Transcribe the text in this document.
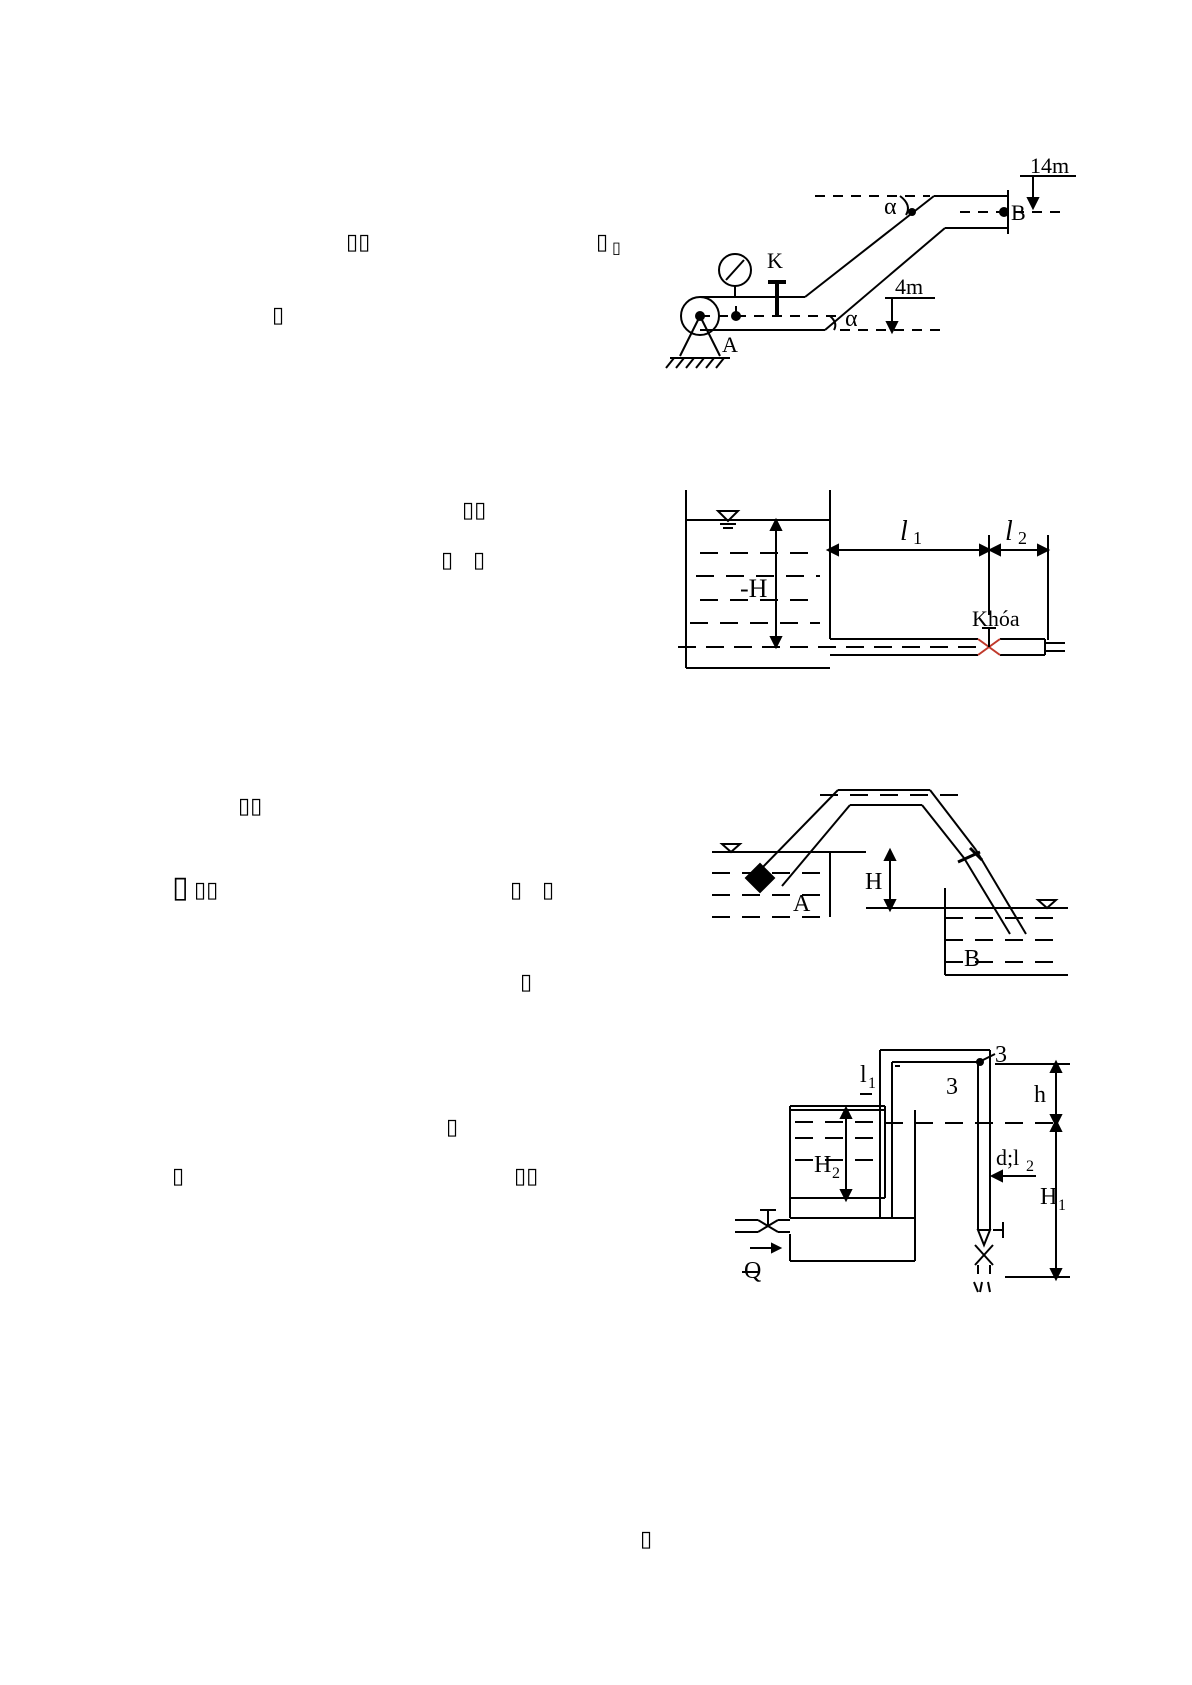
▯▯	▯ ▯
▯
▯▯
▯ ▯
▯▯
▯ ▯▯	▯ ▯
▯
▯
▯	▯▯
▯
14m
B
α
K
4m
α
A
l 1	l 2
-H
Khóa
H
A
B
3
3
l 1	h
H 2
d;l 2
H 1
Q
